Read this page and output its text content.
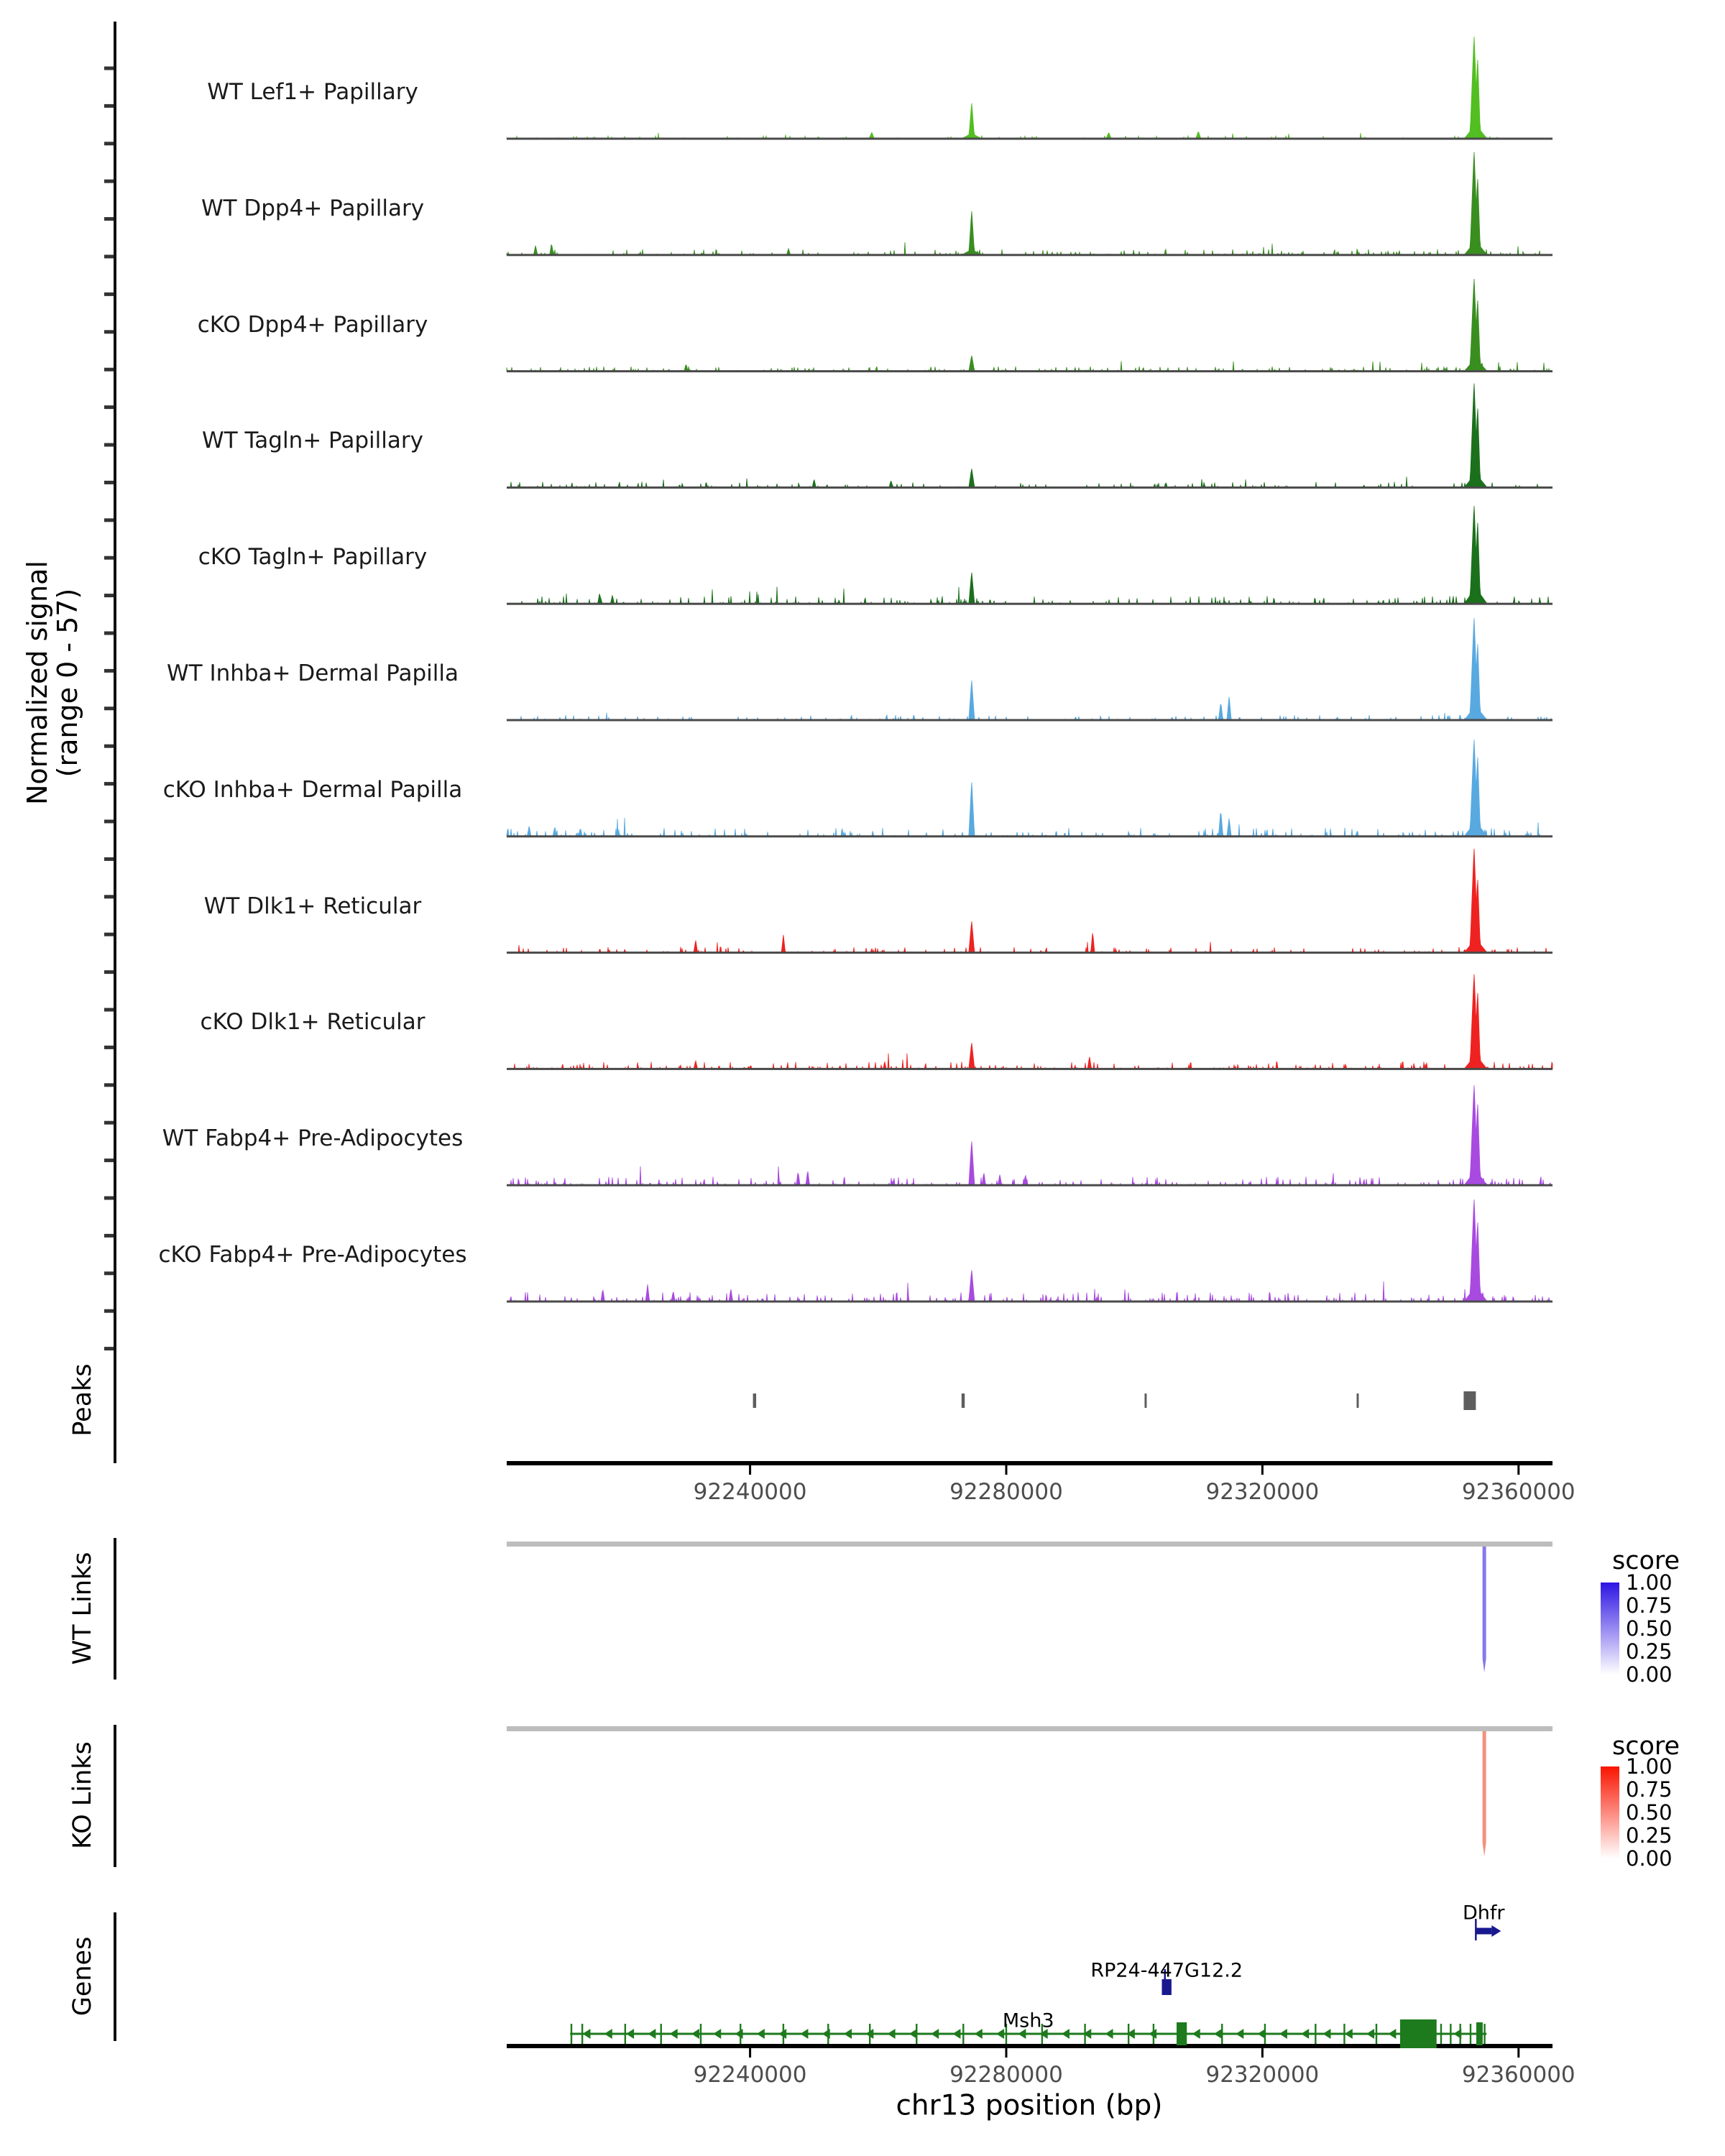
Normalized signal
(range 0 - 57)
Peaks
WT Links
KO Links
Genes
score
score
chr13 position (bp)
WT Lef1+ Papillary
WT Dpp4+ Papillary
cKO Dpp4+ Papillary
WT Tagln+ Papillary
cKO Tagln+ Papillary
WT Inhba+ Dermal Papilla
cKO Inhba+ Dermal Papilla
WT Dlk1+ Reticular
cKO Dlk1+ Reticular
WT Fabp4+ Pre-Adipocytes
cKO Fabp4+ Pre-Adipocytes
92240000	92280000	92320000	92360000
92240000	92280000	92320000	92360000
1.00
1.00
0.75
0.75
0.50
0.50
0.25
0.25
0.00
0.00
Dhfr
RP24-447G12.2
Msh3
